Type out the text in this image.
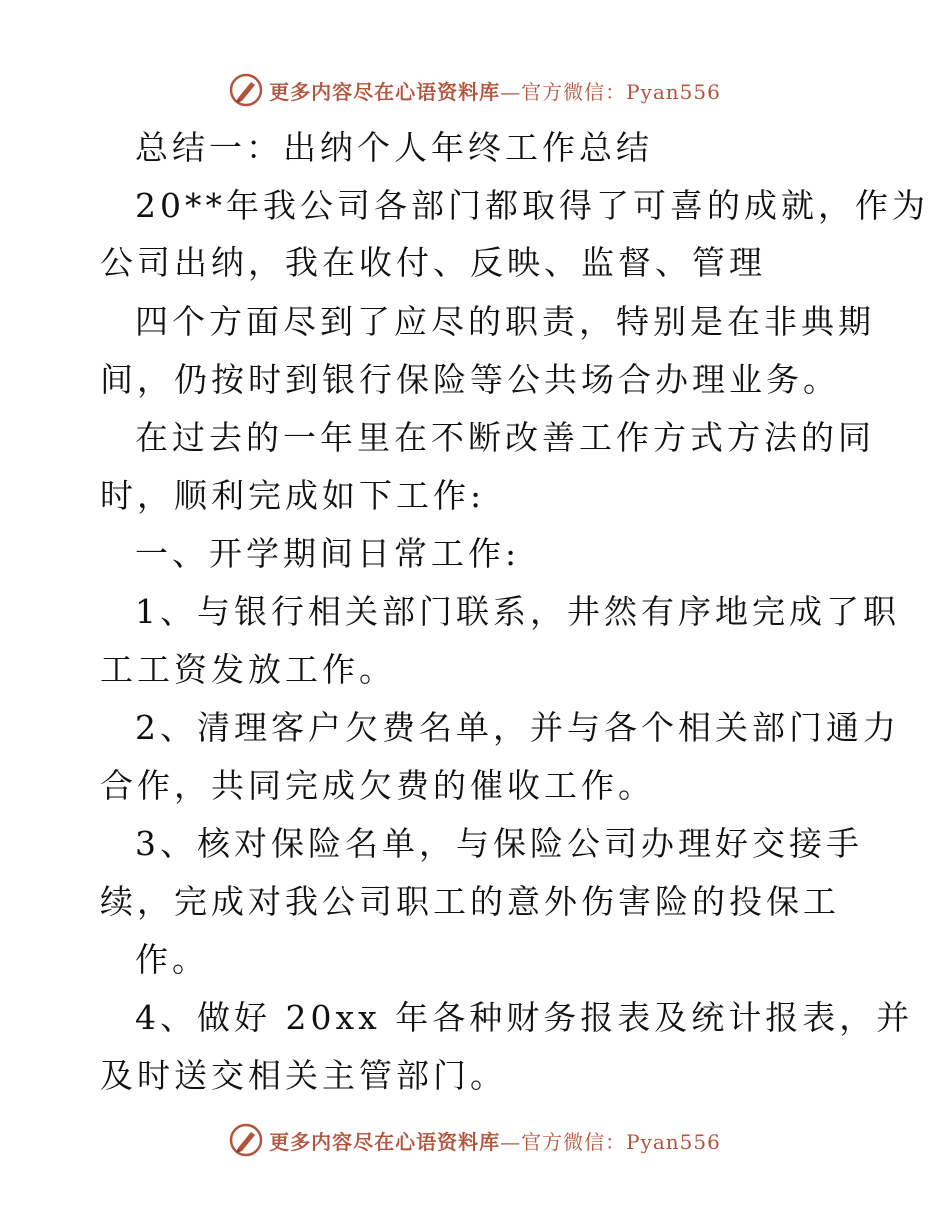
更多内容尽在心语资料库—官方微信：Pyan556
总结一：出纳个人年终工作总结
20**年我公司各部门都取得了可喜的成就，作为
公司出纳，我在收付、反映、监督、管理
四个方面尽到了应尽的职责，特别是在非典期
间，仍按时到银行保险等公共场合办理业务。
在过去的一年里在不断改善工作方式方法的同
时，顺利完成如下工作:
一、开学期间日常工作:
1、与银行相关部门联系，井然有序地完成了职
工工资发放工作。
2、清理客户欠费名单，并与各个相关部门通力
合作，共同完成欠费的催收工作。
3、核对保险名单，与保险公司办理好交接手
续，完成对我公司职工的意外伤害险的投保工
作。
4、做好 20xx 年各种财务报表及统计报表，并
及时送交相关主管部门。
更多内容尽在心语资料库—官方微信：Pyan556
